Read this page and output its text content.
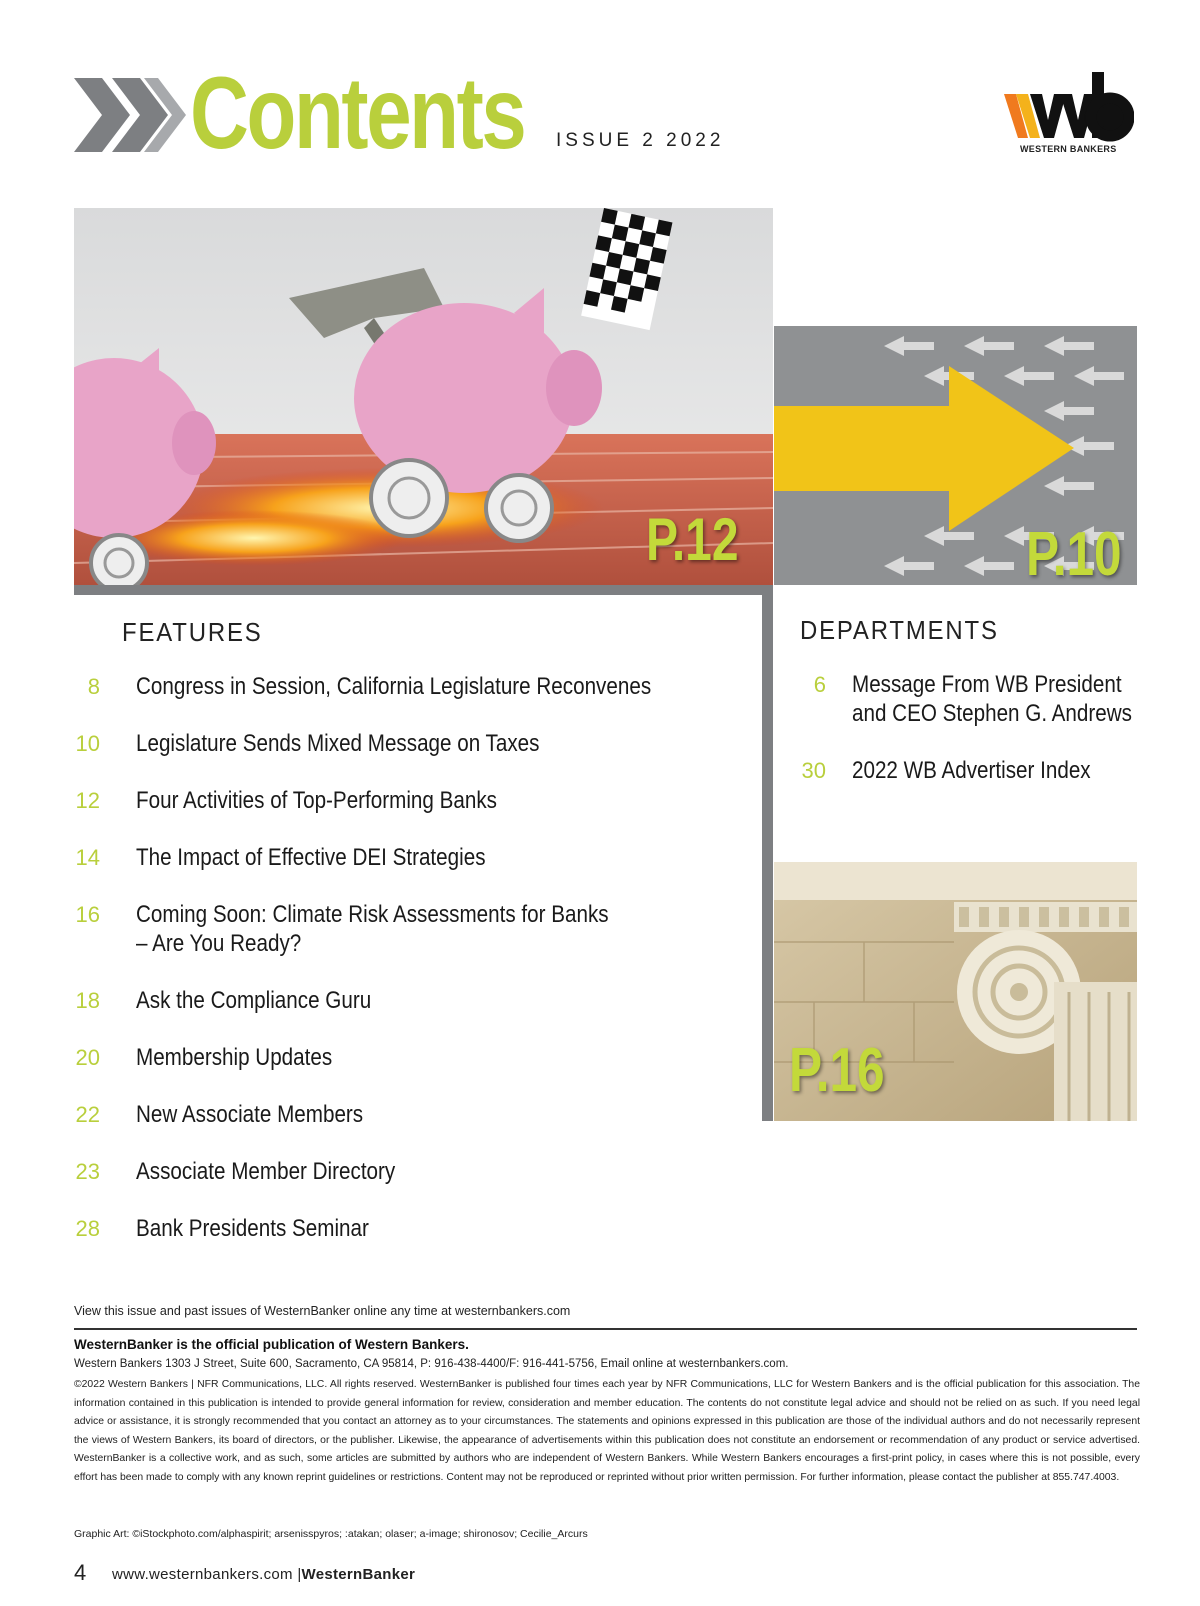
Contents ISSUE 2 2022	WESTERN BANKERS
P.12	P.10
P.16
FEATURES
8 Congress in Session, California Legislature Reconvenes
10 Legislature Sends Mixed Message on Taxes
12 Four Activities of Top-Performing Banks
14 The Impact of Effective DEI Strategies
16 Coming Soon: Climate Risk Assessments for Banks
– Are You Ready?
18 Ask the Compliance Guru
20 Membership Updates
22 New Associate Members
23 Associate Member Directory
28 Bank Presidents Seminar
DEPARTMENTS
6 Message From WB President
and CEO Stephen G. Andrews
30 2022 WB Advertiser Index
View this issue and past issues of WesternBanker online any time at westernbankers.com
WesternBanker is the official publication of Western Bankers.
Western Bankers 1303 J Street, Suite 600, Sacramento, CA 95814, P: 916-438-4400/F: 916-441-5756, Email online at westernbankers.com.
©2022 Western Bankers | NFR Communications, LLC. All rights reserved. WesternBanker is published four times each year by NFR Communications, LLC for Western Bankers and is the official publication for this association. The information contained in this publication is intended to provide general information for review, consideration and member education. The contents do not constitute legal advice and should not be relied on as such. If you need legal advice or assistance, it is strongly recommended that you contact an attorney as to your circumstances. The statements and opinions expressed in this publication are those of the individual authors and do not necessarily represent the views of Western Bankers, its board of directors, or the publisher. Likewise, the appearance of advertisements within this publication does not constitute an endorsement or recommendation of any product or service advertised. WesternBanker is a collective work, and as such, some articles are submitted by authors who are independent of Western Bankers. While Western Bankers encourages a first-print policy, in cases where this is not possible, every effort has been made to comply with any known reprint guidelines or restrictions. Content may not be reproduced or reprinted without prior written permission. For further information, please contact the publisher at 855.747.4003.
Graphic Art: ©iStockphoto.com/alphaspirit; arsenisspyros; :atakan; olaser; a-image; shironosov; Cecilie_Arcurs
4 www.westernbankers.com |WesternBanker
